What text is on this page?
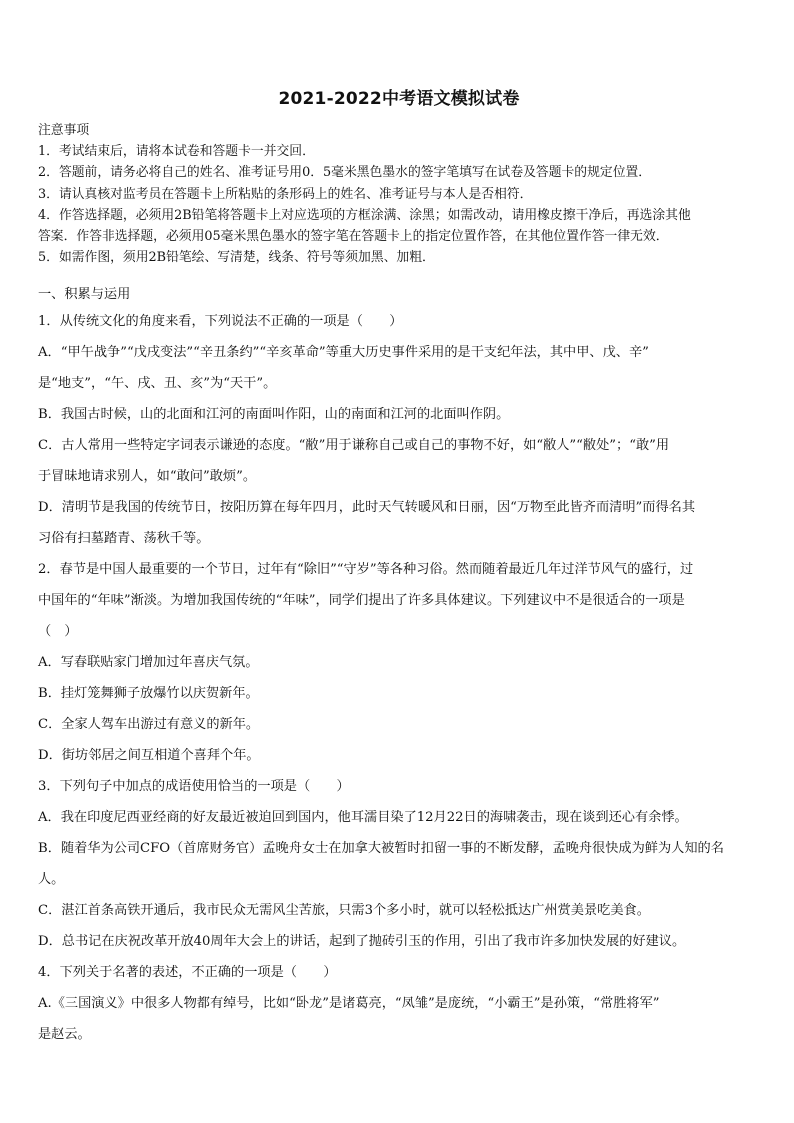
2021-2022中考语文模拟试卷

注意事项

1．考试结束后，请将本试卷和答题卡一并交回．

2．答题前，请务必将自己的姓名、准考证号用0．5毫米黑色墨水的签字笔填写在试卷及答题卡的规定位置．

3．请认真核对监考员在答题卡上所粘贴的条形码上的姓名、准考证号与本人是否相符．

4．作答选择题，必须用2B铅笔将答题卡上对应选项的方框涂满、涂黑；如需改动，请用橡皮擦干净后，再选涂其他

答案．作答非选择题，必须用05毫米黑色墨水的签字笔在答题卡上的指定位置作答，在其他位置作答一律无效．

5．如需作图，须用2B铅笔绘、写清楚，线条、符号等须加黑、加粗．

一、积累与运用

1．从传统文化的角度来看，下列说法不正确的一项是（　　）

A．“甲午战争”“戊戌变法”“辛丑条约”“辛亥革命”等重大历史事件采用的是干支纪年法，其中甲、戊、辛”

是“地支”，“午、戌、丑、亥”为“天干”。

B．我国古时候，山的北面和江河的南面叫作阳，山的南面和江河的北面叫作阴。

C．古人常用一些特定字词表示谦逊的态度。“敝”用于谦称自己或自己的事物不好，如“敝人”“敝处”；“敢”用

于冒昧地请求别人，如“敢问”敢烦”。

D．清明节是我国的传统节日，按阳历算在每年四月，此时天气转暖风和日丽，因“万物至此皆齐而清明”而得名其

习俗有扫墓踏青、荡秋千等。

2．春节是中国人最重要的一个节日，过年有“除旧”“守岁”等各种习俗。然而随着最近几年过洋节风气的盛行，过

中国年的“年味”渐淡。为增加我国传统的“年味”，同学们提出了许多具体建议。下列建议中不是很适合的一项是

（　）

A．写春联贴家门增加过年喜庆气氛。

B．挂灯笼舞狮子放爆竹以庆贺新年。

C．全家人驾车出游过有意义的新年。

D．街坊邻居之间互相道个喜拜个年。

3．下列句子中加点的成语使用恰当的一项是（　　）

A．我在印度尼西亚经商的好友最近被迫回到国内，他耳濡目染了12月22日的海啸袭击，现在谈到还心有余悸。

B．随着华为公司CFO（首席财务官）孟晚舟女士在加拿大被暂时扣留一事的不断发酵，孟晚舟很快成为鲜为人知的名

人。

C．湛江首条高铁开通后，我市民众无需风尘苦旅，只需3个多小时，就可以轻松抵达广州赏美景吃美食。

D．总书记在庆祝改革开放40周年大会上的讲话，起到了抛砖引玉的作用，引出了我市许多加快发展的好建议。

4．下列关于名著的表述，不正确的一项是（　　）

A.《三国演义》中很多人物都有绰号，比如“卧龙”是诸葛亮，“凤雏”是庞统，“小霸王”是孙策，“常胜将军”

是赵云。
